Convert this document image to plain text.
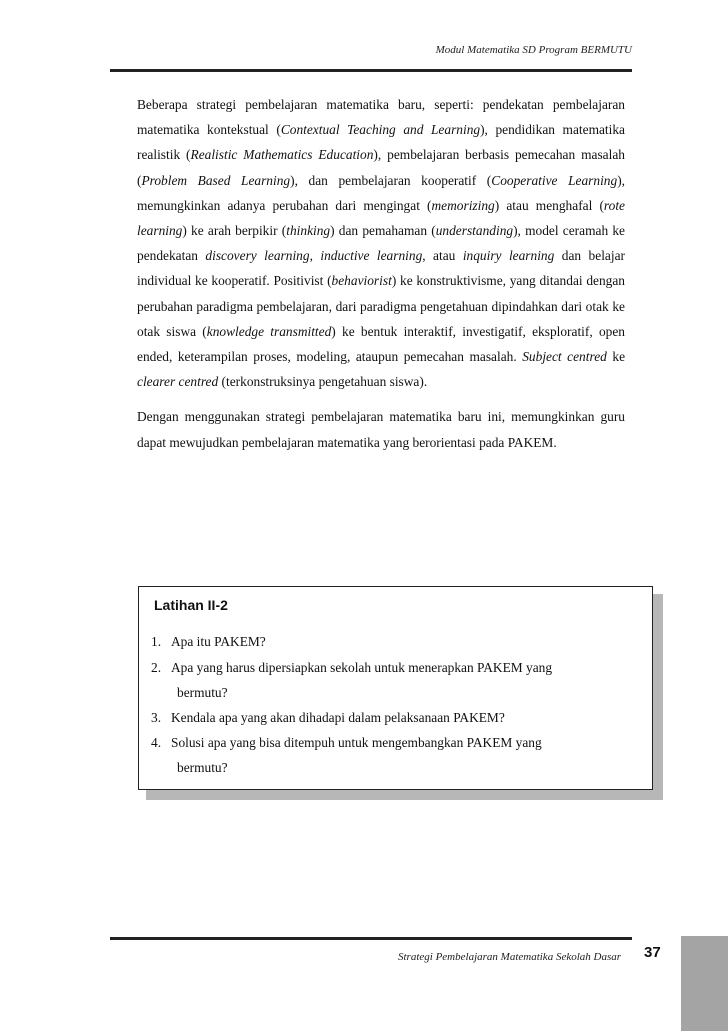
Modul Matematika SD Program BERMUTU

Beberapa strategi pembelajaran matematika baru, seperti: pendekatan pembelajaran matematika kontekstual (Contextual Teaching and Learning), pendidikan matematika realistik (Realistic Mathematics Education), pembelajaran berbasis pemecahan masalah (Problem Based Learning), dan pembelajaran kooperatif (Cooperative Learning), memungkinkan adanya perubahan dari mengingat (memorizing) atau menghafal (rote learning) ke arah berpikir (thinking) dan pemahaman (understanding), model ceramah ke pendekatan discovery learning, inductive learning, atau inquiry learning dan belajar individual ke kooperatif. Positivist (behaviorist) ke konstruktivisme, yang ditandai dengan perubahan paradigma pembelajaran, dari paradigma pengetahuan dipindahkan dari otak ke otak siswa (knowledge transmitted) ke bentuk interaktif, investigatif, eksploratif, open ended, keterampilan proses, modeling, ataupun pemecahan masalah. Subject centred ke clearer centred (terkonstruksinya pengetahuan siswa).

Dengan menggunakan strategi pembelajaran matematika baru ini, memungkinkan guru dapat mewujudkan pembelajaran matematika yang berorientasi pada PAKEM.

Latihan II-2
1. Apa itu PAKEM?
2. Apa yang harus dipersiapkan sekolah untuk menerapkan PAKEM yang
bermutu?
3. Kendala apa yang akan dihadapi dalam pelaksanaan PAKEM?
4. Solusi apa yang bisa ditempuh untuk mengembangkan PAKEM yang
bermutu?
Strategi Pembelajaran Matematika Sekolah Dasar 37
